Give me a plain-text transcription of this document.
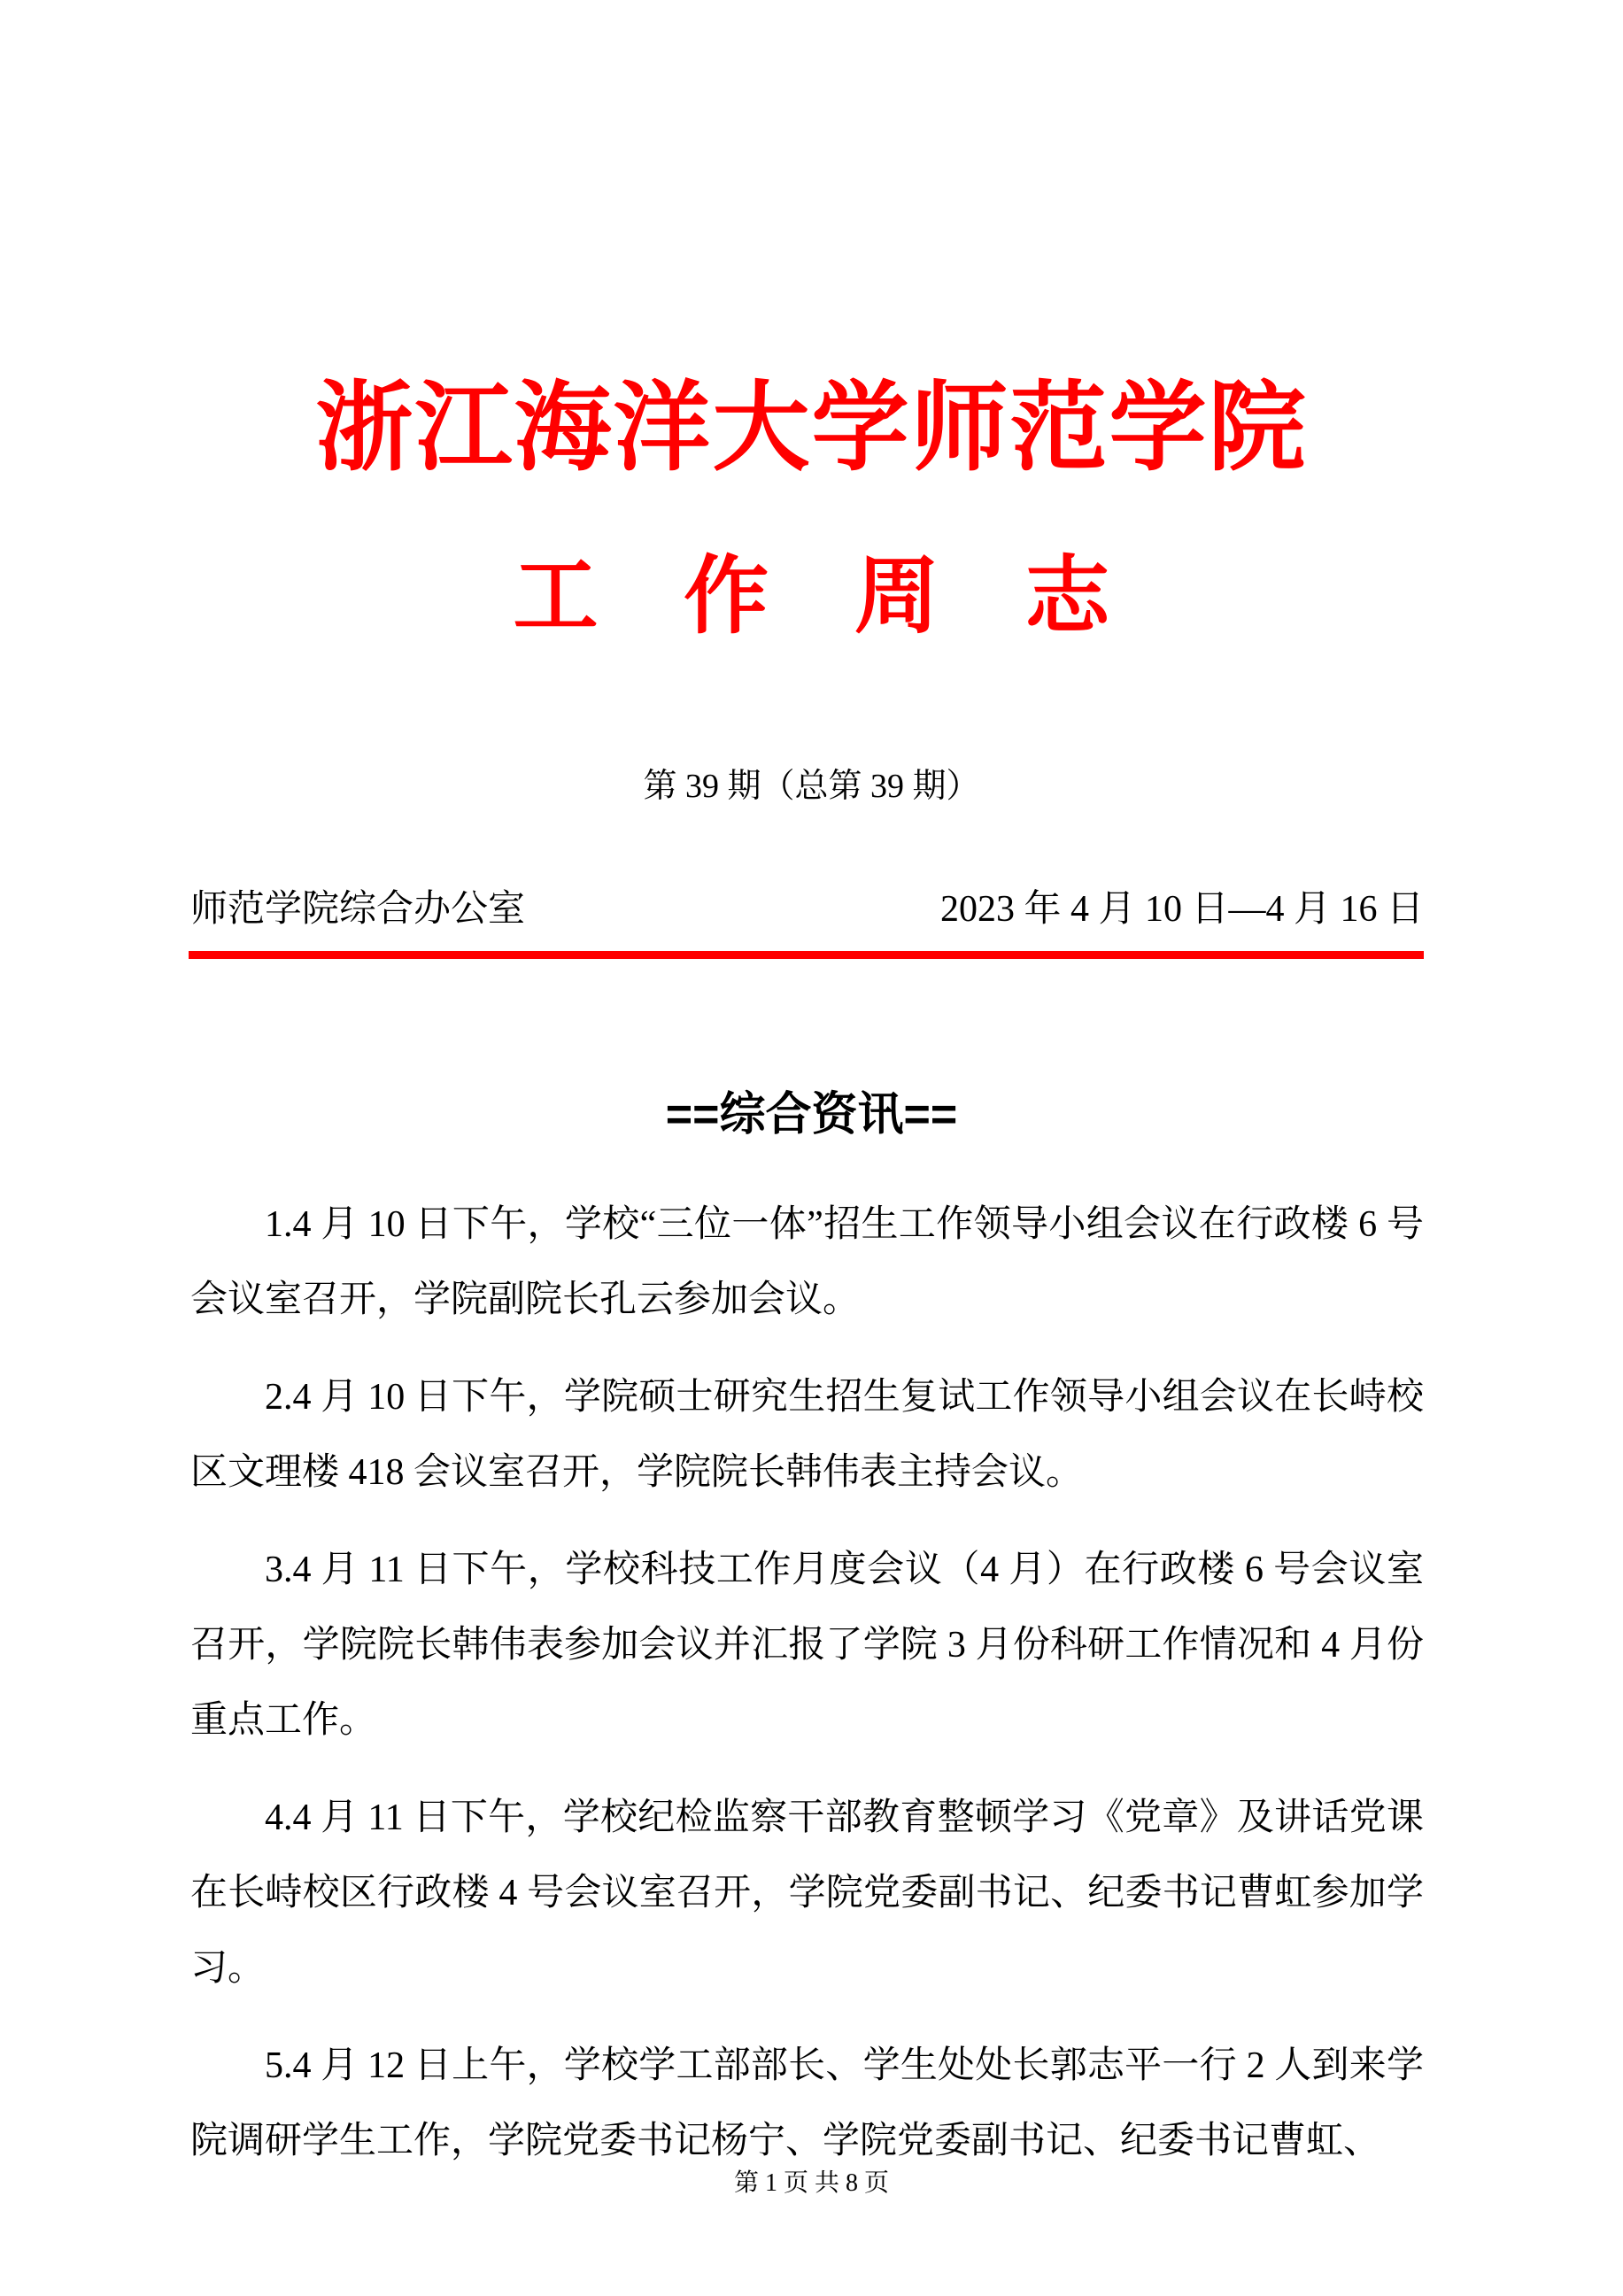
浙江海洋大学师范学院
工 作 周 志
第 39 期（总第 39 期）
师范学院综合办公室	2023 年 4 月 10 日—4 月 16 日
==综合资讯==

1.4 月 10 日下午，学校“三位一体”招生工作领导小组会议在行政楼 6 号会议室召开，学院副院长孔云参加会议。

2.4 月 10 日下午，学院硕士研究生招生复试工作领导小组会议在长峙校区文理楼 418 会议室召开，学院院长韩伟表主持会议。

3.4 月 11 日下午，学校科技工作月度会议（4 月）在行政楼 6 号会议室召开，学院院长韩伟表参加会议并汇报了学院 3 月份科研工作情况和 4 月份重点工作。

4.4 月 11 日下午，学校纪检监察干部教育整顿学习《党章》及讲话党课在长峙校区行政楼 4 号会议室召开，学院党委副书记、纪委书记曹虹参加学习。

5.4 月 12 日上午，学校学工部部长、学生处处长郭志平一行 2 人到来学院调研学生工作，学院党委书记杨宁、学院党委副书记、纪委书记曹虹、

第 1 页 共 8 页
